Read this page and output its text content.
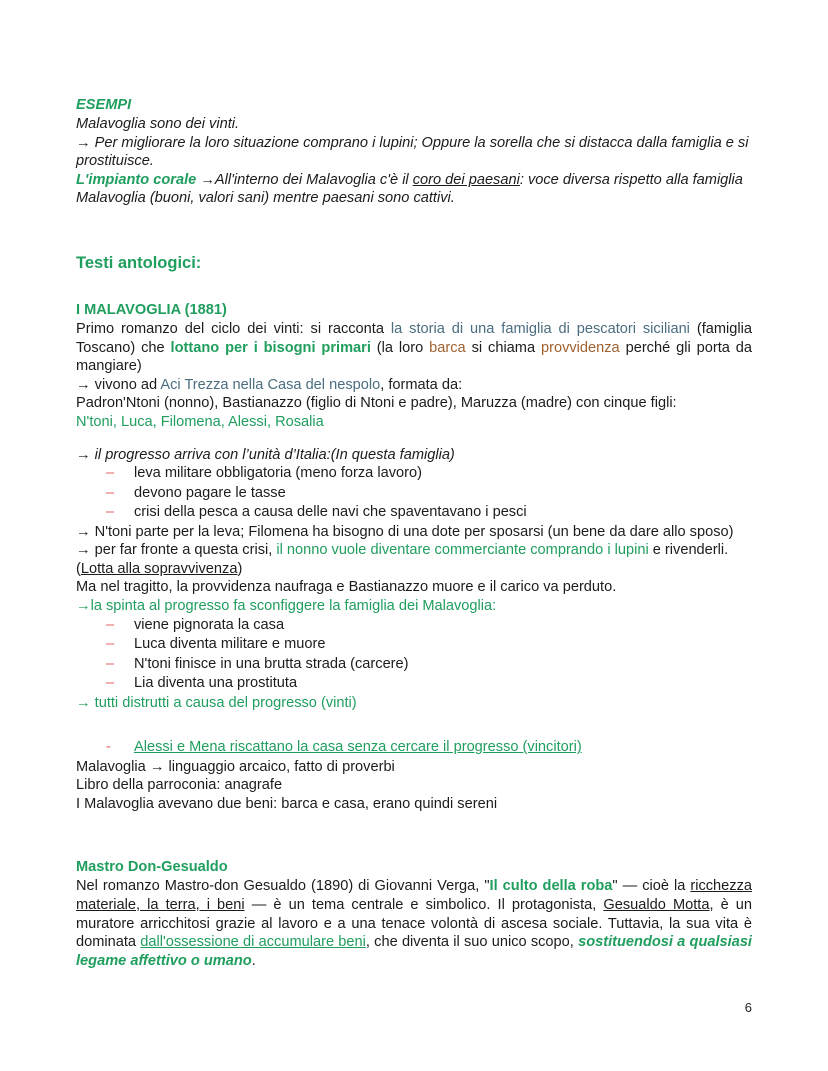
ESEMPI
Malavoglia sono dei vinti.
→ Per migliorare la loro situazione comprano i lupini; Oppure la sorella che si distacca dalla famiglia e si prostituisce.
L'impianto corale →All'interno dei Malavoglia c'è il coro dei paesani: voce diversa rispetto alla famiglia Malavoglia (buoni, valori sani) mentre paesani sono cattivi.
Testi antologici:
I MALAVOGLIA (1881)
Primo romanzo del ciclo dei vinti: si racconta la storia di una famiglia di pescatori siciliani (famiglia Toscano) che lottano per i bisogni primari (la loro barca si chiama provvidenza perché gli porta da mangiare)
→ vivono ad Aci Trezza nella Casa del nespolo, formata da:
Padron'Ntoni (nonno), Bastianazzo (figlio di Ntoni e padre), Maruzza (madre) con cinque figli:
N'toni, Luca, Filomena, Alessi, Rosalia
→ il progresso arriva con l’unità d’Italia:(In questa famiglia)
– leva militare obbligatoria (meno forza lavoro)
– devono pagare le tasse
– crisi della pesca a causa delle navi che spaventavano i pesci
→ N'toni parte per la leva; Filomena ha bisogno di una dote per sposarsi (un bene da dare allo sposo)
→ per far fronte a questa crisi, il nonno vuole diventare commerciante comprando i lupini e rivenderli. (Lotta alla sopravvivenza)
Ma nel tragitto, la provvidenza naufraga e Bastianazzo muore e il carico va perduto.
→la spinta al progresso fa sconfiggere la famiglia dei Malavoglia:
– viene pignorata la casa
– Luca diventa militare e muore
– N'toni finisce in una brutta strada (carcere)
– Lia diventa una prostituta
→ tutti distrutti a causa del progresso (vinti)
- Alessi e Mena riscattano la casa senza cercare il progresso (vincitori)
Malavoglia → linguaggio arcaico, fatto di proverbi
Libro della parroconia: anagrafe
I Malavoglia avevano due beni: barca e casa, erano quindi sereni
Mastro Don-Gesualdo
Nel romanzo Mastro-don Gesualdo (1890) di Giovanni Verga, "Il culto della roba" — cioè la ricchezza materiale, la terra, i beni — è un tema centrale e simbolico. Il protagonista, Gesualdo Motta, è un muratore arricchitosi grazie al lavoro e a una tenace volontà di ascesa sociale. Tuttavia, la sua vita è dominata dall'ossessione di accumulare beni, che diventa il suo unico scopo, sostituendosi a qualsiasi legame affettivo o umano.
6
